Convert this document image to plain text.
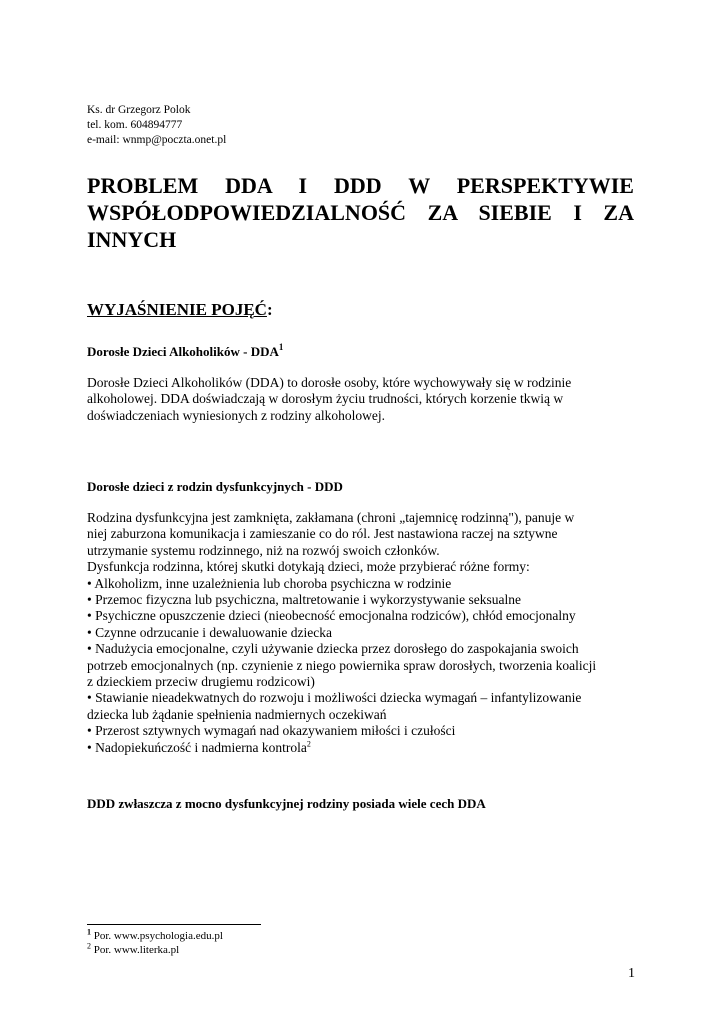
Ks. dr Grzegorz Polok
tel. kom. 604894777
e-mail: wnmp@poczta.onet.pl
PROBLEM DDA I DDD W PERSPEKTYWIE
WSPÓŁODPOWIEDZIALNOŚĆ ZA SIEBIE I ZA
INNYCH
WYJAŚNIENIE POJĘĆ:
Dorosłe Dzieci Alkoholików - DDA$^1$
Dorosłe Dzieci Alkoholików (DDA) to dorosłe osoby, które wychowywały się w rodzinie
alkoholowej. DDA doświadczają w dorosłym życiu trudności, których korzenie tkwią w
doświadczeniach wyniesionych z rodziny alkoholowej.
Dorosłe dzieci z rodzin dysfunkcyjnych - DDD
Rodzina dysfunkcyjna jest zamknięta, zakłamana (chroni „tajemnicę rodzinną"), panuje w
niej zaburzona komunikacja i zamieszanie co do ról. Jest nastawiona raczej na sztywne
utrzymanie systemu rodzinnego, niż na rozwój swoich członków.
Dysfunkcja rodzinna, której skutki dotykają dzieci, może przybierać różne formy:
• Alkoholizm, inne uzależnienia lub choroba psychiczna w rodzinie
• Przemoc fizyczna lub psychiczna, maltretowanie i wykorzystywanie seksualne
• Psychiczne opuszczenie dzieci (nieobecność emocjonalna rodziców), chłód emocjonalny
• Czynne odrzucanie i dewaluowanie dziecka
• Nadużycia emocjonalne, czyli używanie dziecka przez dorosłego do zaspokajania swoich
potrzeb emocjonalnych (np. czynienie z niego powiernika spraw dorosłych, tworzenia koalicji
z dzieckiem przeciw drugiemu rodzicowi)
• Stawianie nieadekwatnych do rozwoju i możliwości dziecka wymagań – infantylizowanie
dziecka lub żądanie spełnienia nadmiernych oczekiwań
• Przerost sztywnych wymagań nad okazywaniem miłości i czułości
• Nadopiekuńczość i nadmierna kontrola$^2$
DDD zwłaszcza z mocno dysfunkcyjnej rodziny posiada wiele cech DDA
$^1$ Por. www.psychologia.edu.pl
$^2$ Por. www.literka.pl
1
